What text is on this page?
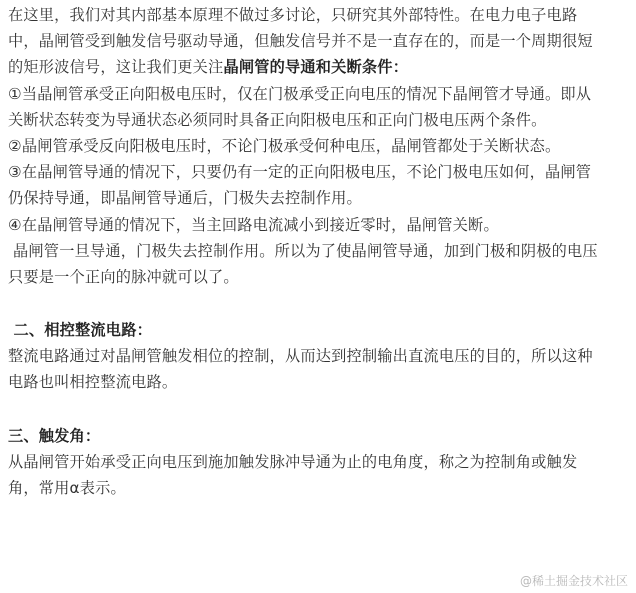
在这里，我们对其内部基本原理不做过多讨论，只研究其外部特性。在电力电子电路
中，晶闸管受到触发信号驱动导通，但触发信号并不是一直存在的，而是一个周期很短
的矩形波信号，这让我们更关注晶闸管的导通和关断条件：
①当晶闸管承受正向阳极电压时，仅在门极承受正向电压的情况下晶闸管才导通。即从
关断状态转变为导通状态必须同时具备正向阳极电压和正向门极电压两个条件。
②晶闸管承受反向阳极电压时，不论门极承受何种电压，晶闸管都处于关断状态。
③在晶闸管导通的情况下，只要仍有一定的正向阳极电压，不论门极电压如何，晶闸管
仍保持导通，即晶闸管导通后，门极失去控制作用。
④在晶闸管导通的情况下，当主回路电流减小到接近零时，晶闸管关断。
晶闸管一旦导通，门极失去控制作用。所以为了使晶闸管导通，加到门极和阴极的电压
只要是一个正向的脉冲就可以了。
二、相控整流电路：
整流电路通过对晶闸管触发相位的控制，从而达到控制输出直流电压的目的，所以这种
电路也叫相控整流电路。
三、触发角：
从晶闸管开始承受正向电压到施加触发脉冲导通为止的电角度，称之为控制角或触发
角，常用α表示。
@稀土掘金技术社区
